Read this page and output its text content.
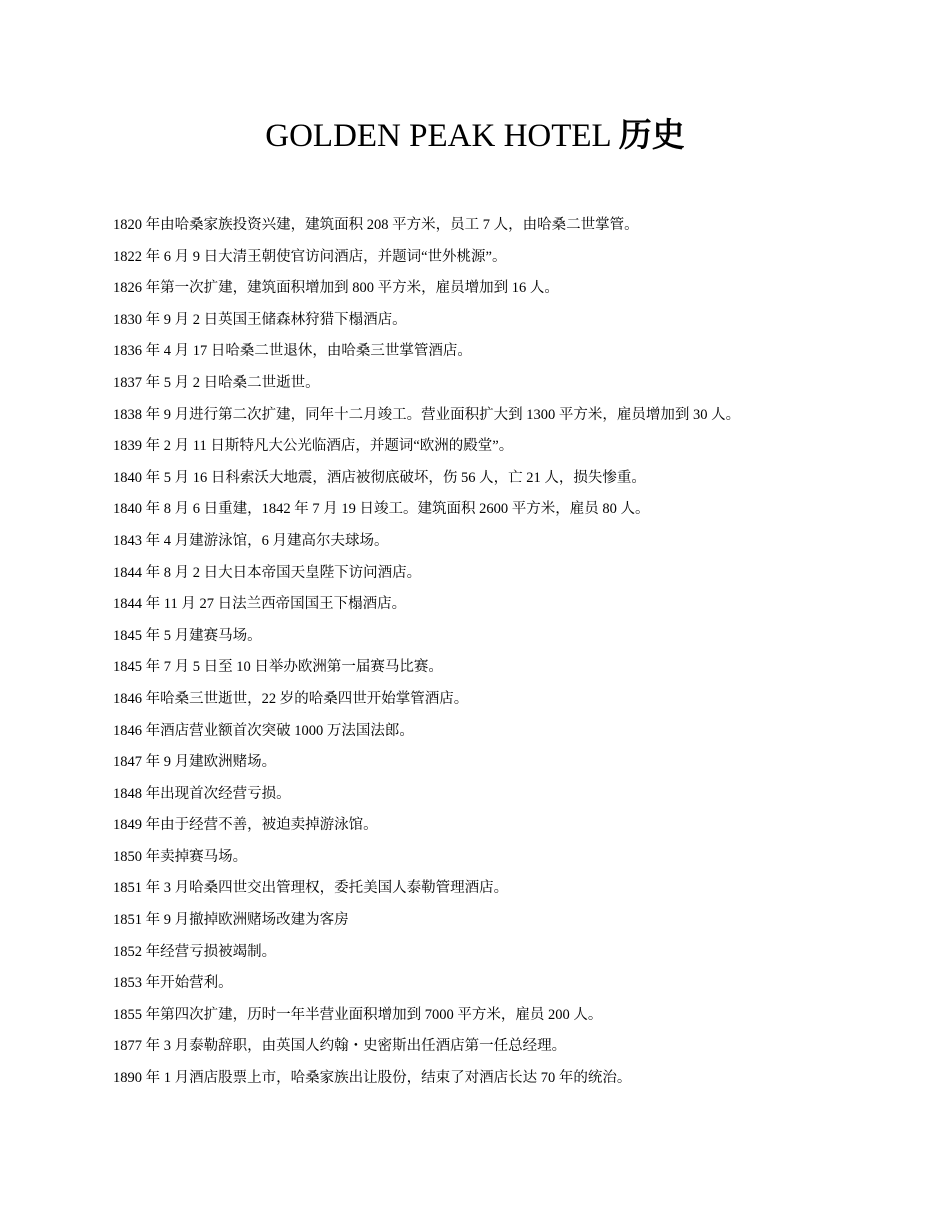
GOLDEN PEAK HOTEL 历史
1820 年由哈桑家族投资兴建，建筑面积 208 平方米，员工 7 人，由哈桑二世掌管。
1822 年 6 月 9 日大清王朝使官访问酒店，并题词“世外桃源”。
1826 年第一次扩建，建筑面积增加到 800 平方米，雇员增加到 16 人。
1830 年 9 月 2 日英国王储森林狩猎下榻酒店。
1836 年 4 月 17 日哈桑二世退休，由哈桑三世掌管酒店。
1837 年 5 月 2 日哈桑二世逝世。
1838 年 9 月进行第二次扩建，同年十二月竣工。营业面积扩大到 1300 平方米，雇员增加到 30 人。
1839 年 2 月 11 日斯特凡大公光临酒店，并题词“欧洲的殿堂”。
1840 年 5 月 16 日科索沃大地震，酒店被彻底破坏，伤 56 人，亡 21 人，损失惨重。
1840 年 8 月 6 日重建，1842 年 7 月 19 日竣工。建筑面积 2600 平方米，雇员 80 人。
1843 年 4 月建游泳馆，6 月建高尔夫球场。
1844 年 8 月 2 日大日本帝国天皇陛下访问酒店。
1844 年 11 月 27 日法兰西帝国国王下榻酒店。
1845 年 5 月建赛马场。
1845 年 7 月 5 日至 10 日举办欧洲第一届赛马比赛。
1846 年哈桑三世逝世，22 岁的哈桑四世开始掌管酒店。
1846 年酒店营业额首次突破 1000 万法国法郎。
1847 年 9 月建欧洲赌场。
1848 年出现首次经营亏损。
1849 年由于经营不善，被迫卖掉游泳馆。
1850 年卖掉赛马场。
1851 年 3 月哈桑四世交出管理权，委托美国人泰勒管理酒店。
1851 年 9 月撤掉欧洲赌场改建为客房
1852 年经营亏损被竭制。
1853 年开始营利。
1855 年第四次扩建，历时一年半营业面积增加到 7000 平方米，雇员 200 人。
1877 年 3 月泰勒辞职，由英国人约翰・史密斯出任酒店第一任总经理。
1890 年 1 月酒店股票上市，哈桑家族出让股份，结束了对酒店长达 70 年的统治。
